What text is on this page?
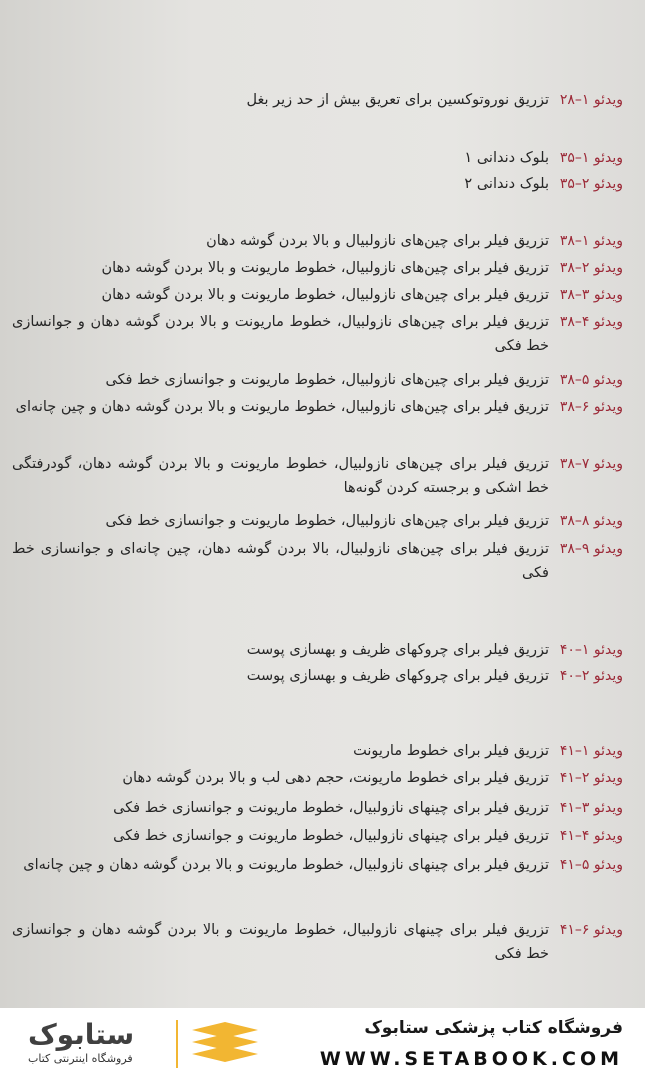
ویدئو ۱–۲۸
تزریق نوروتوکسین برای تعریق بیش از حد زیر بغل
ویدئو ۱–۳۵
بلوک دندانی ۱
ویدئو ۲–۳۵
بلوک دندانی ۲
ویدئو ۱–۳۸
تزریق فیلر برای چین‌های نازولبیال و بالا بردن گوشه دهان
ویدئو ۲–۳۸
تزریق فیلر برای چین‌های نازولبیال، خطوط ماریونت و بالا بردن گوشه دهان
ویدئو ۳–۳۸
تزریق فیلر برای چین‌های نازولبیال، خطوط ماریونت و بالا بردن گوشه دهان
ویدئو ۴–۳۸
تزریق فیلر برای چین‌های نازولبیال، خطوط ماریونت و بالا بردن گوشه دهان و جوانسازی خط فکی
ویدئو ۵–۳۸
تزریق فیلر برای چین‌های نازولبیال، خطوط ماریونت و جوانسازی خط فکی
ویدئو ۶–۳۸
تزریق فیلر برای چین‌های نازولبیال، خطوط ماریونت و بالا بردن گوشه دهان و چین چانه‌ای
ویدئو ۷–۳۸
تزریق فیلر برای چین‌های نازولبیال، خطوط ماریونت و بالا بردن گوشه دهان، گودرفتگی خط اشکی و برجسته کردن گونه‌ها
ویدئو ۸–۳۸
تزریق فیلر برای چین‌های نازولبیال، خطوط ماریونت و جوانسازی خط فکی
ویدئو ۹–۳۸
تزریق فیلر برای چین‌های نازولبیال، بالا بردن گوشه دهان، چین چانه‌ای و جوانسازی خط فکی
ویدئو ۱–۴۰
تزریق فیلر برای چروکهای ظریف و بهسازی پوست
ویدئو ۲–۴۰
تزریق فیلر برای چروکهای ظریف و بهسازی پوست
ویدئو ۱–۴۱
تزریق فیلر برای خطوط ماریونت
ویدئو ۲–۴۱
تزریق فیلر برای خطوط ماریونت، حجم دهی لب و بالا بردن گوشه دهان
ویدئو ۳–۴۱
تزریق فیلر برای چینهای نازولبیال، خطوط ماریونت و جوانسازی خط فکی
ویدئو ۴–۴۱
تزریق فیلر برای چینهای نازولبیال، خطوط ماریونت و جوانسازی خط فکی
ویدئو ۵–۴۱
تزریق فیلر برای چینهای نازولبیال، خطوط ماریونت و بالا بردن گوشه دهان و چین چانه‌ای
ویدئو ۶–۴۱
تزریق فیلر برای چینهای نازولبیال، خطوط ماریونت و بالا بردن گوشه دهان و جوانسازی خط فکی
ستابوک
فروشگاه اینترنتی کتاب
فروشگاه کتاب پزشکی ستابوک
WWW.SETABOOK.COM
